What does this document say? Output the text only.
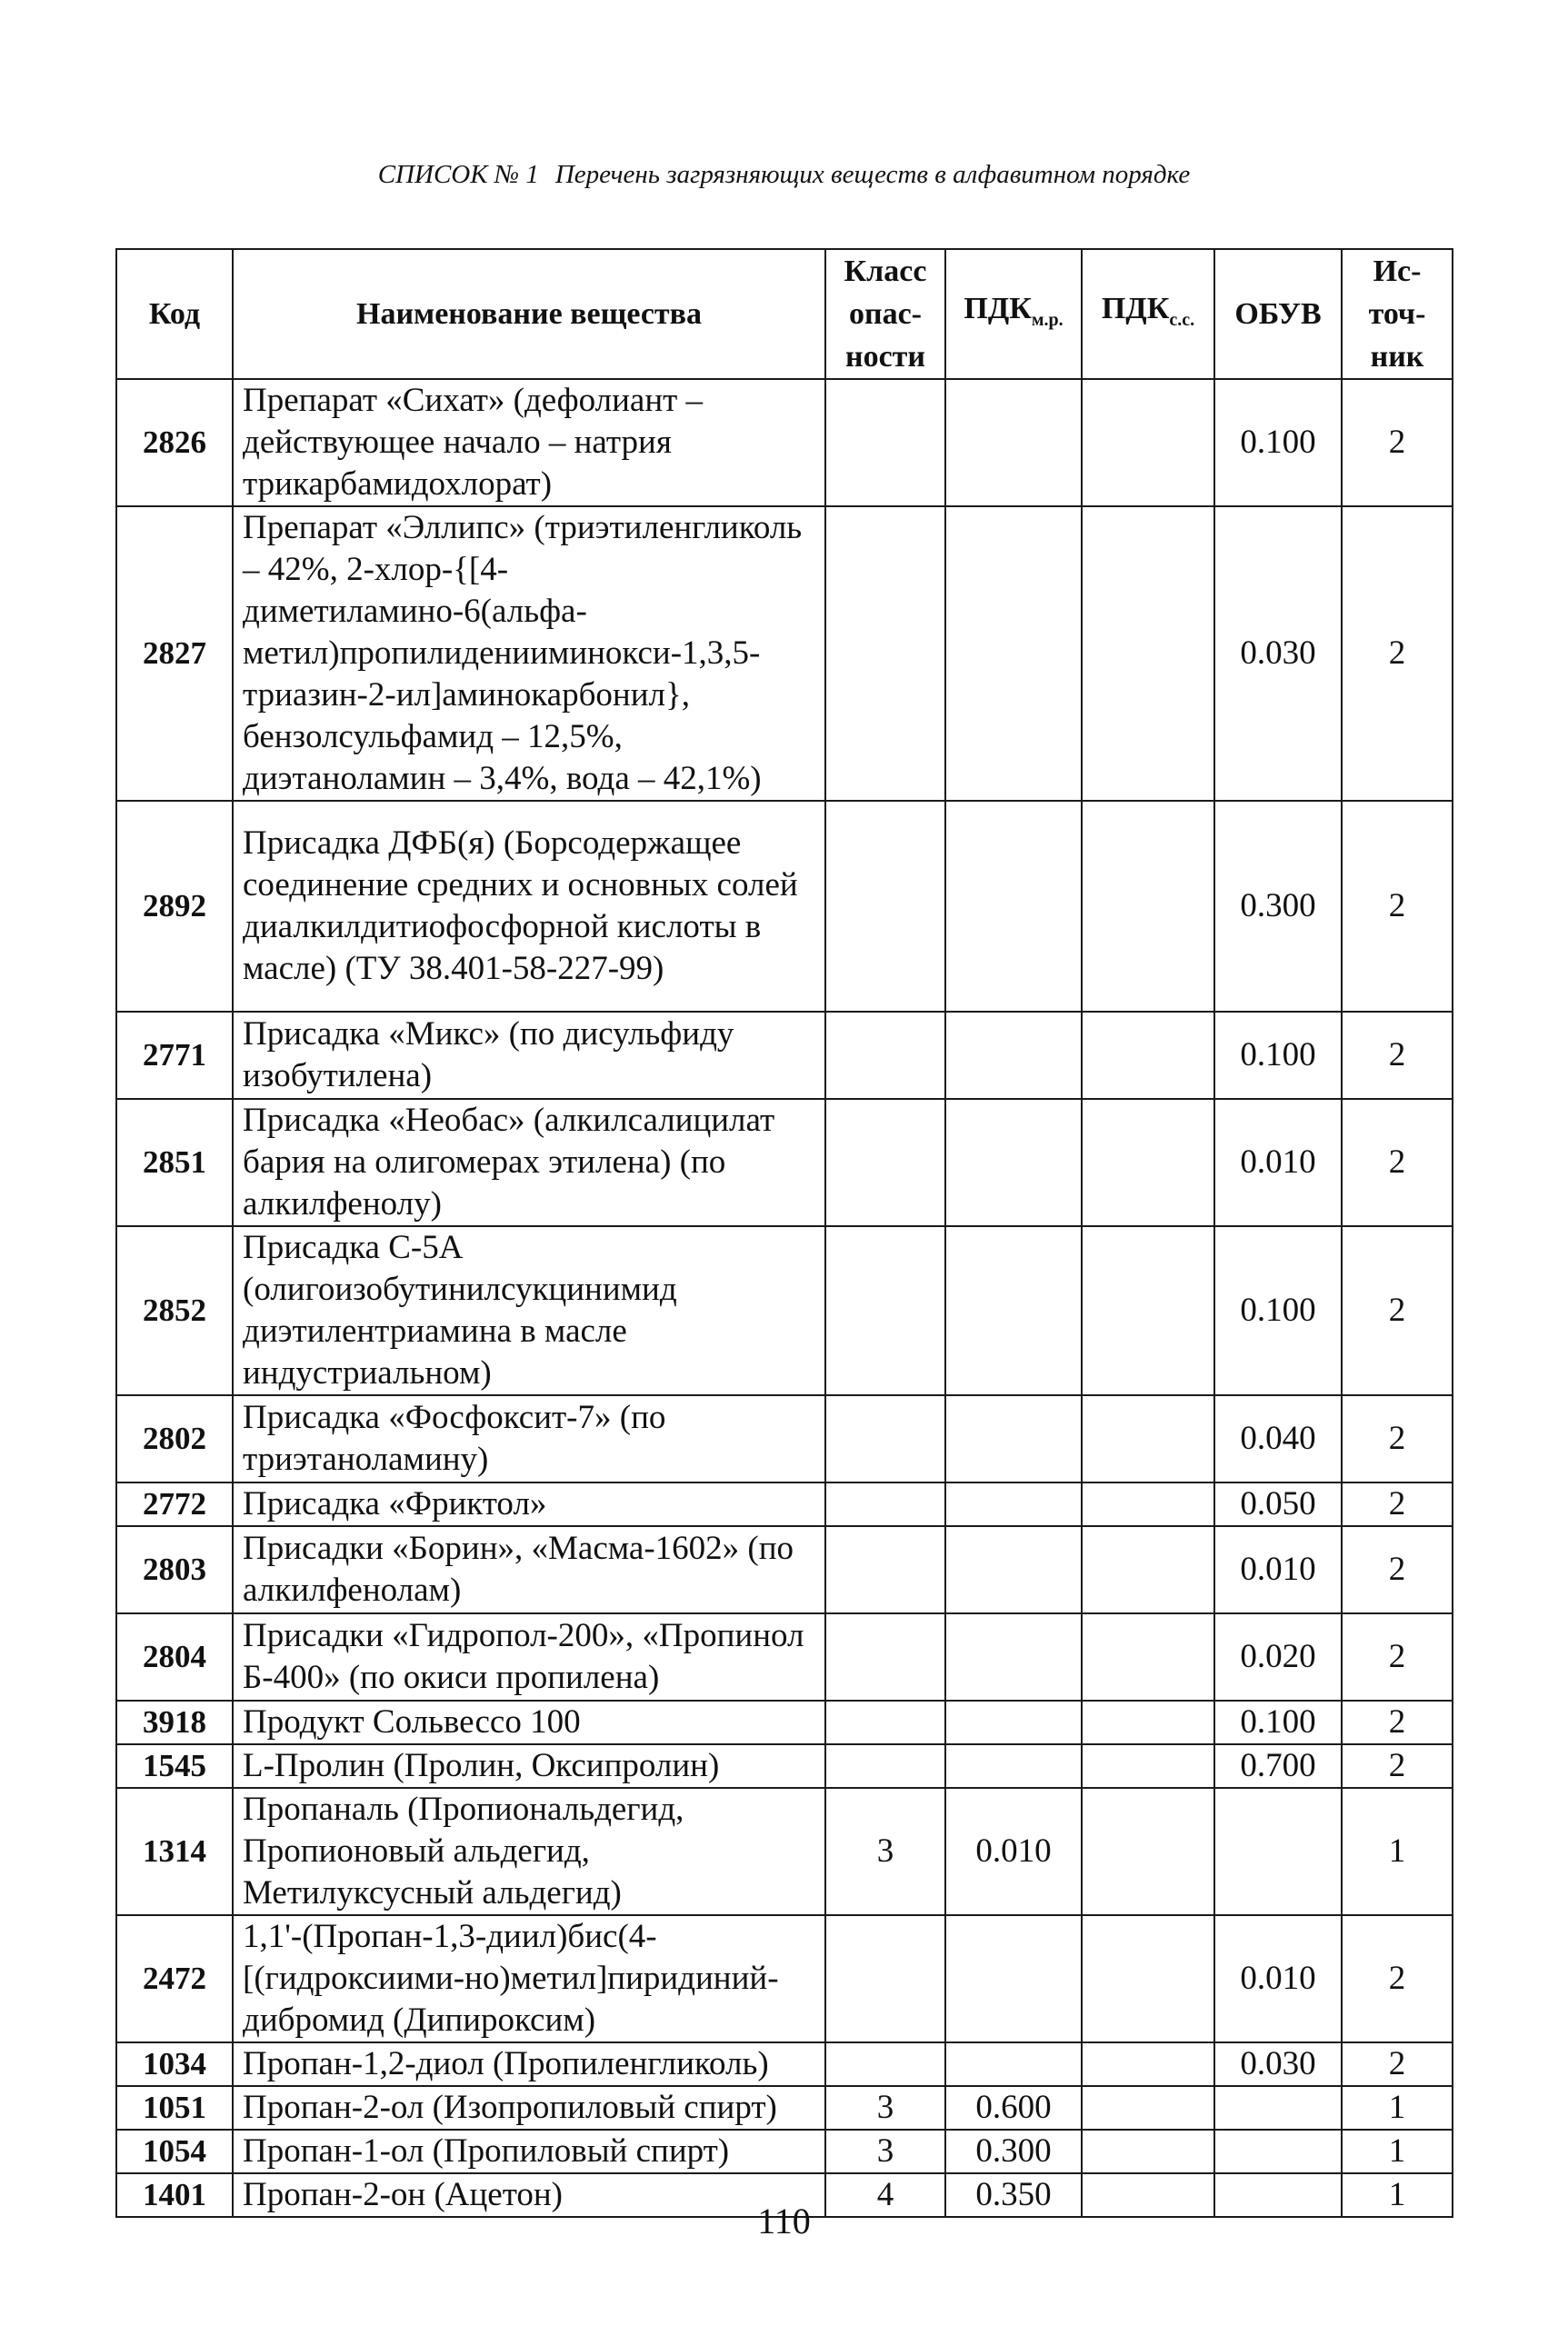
СПИСОК № 1 Перечень загрязняющих веществ в алфавитном порядке
Код	Наименование вещества	Класс опас- ности	$ПДК_{м.р.}$	$ПДК_{с.с.}$	ОБУВ	Ис- точ- ник
2826	Препарат «Сихат» (дефолиант – действующее начало – натрия трикарбамидохлорат)				0.100	2
2827	Препарат «Эллипс» (триэтиленгликоль – 42%, 2-хлор-{[4-диметиламино-6(альфа-метил)пропилиденииминокси-1,3,5-триазин-2-ил]аминокарбонил}, бензолсульфамид – 12,5%, диэтаноламин – 3,4%, вода – 42,1%)				0.030	2
2892	Присадка ДФБ(я) (Борсодержащее соединение средних и основных солей диалкилдитиофосфорной кислоты в масле) (ТУ 38.401-58-227-99)				0.300	2
2771	Присадка «Микс» (по дисульфиду изобутилена)				0.100	2
2851	Присадка «Необас» (алкилсалицилат бария на олигомерах этилена) (по алкилфенолу)				0.010	2
2852	Присадка С-5А (олигоизобутинилсукцинимид диэтилентриамина в масле индустриальном)				0.100	2
2802	Присадка «Фосфоксит-7» (по триэтаноламину)				0.040	2
2772	Присадка «Фриктол»				0.050	2
2803	Присадки «Борин», «Масма-1602» (по алкилфенолам)				0.010	2
2804	Присадки «Гидропол-200», «Пропинол Б-400» (по окиси пропилена)				0.020	2
3918	Продукт Сольвессо 100				0.100	2
1545	L-Пролин (Пролин, Оксипролин)				0.700	2
1314	Пропаналь (Пропиональдегид, Пропионовый альдегид, Метилуксусный альдегид)	3	0.010			1
2472	1,1'-(Пропан-1,3-диил)бис(4-[(гидроксиими-но)метил]пиридиний-дибромид (Дипироксим)				0.010	2
1034	Пропан-1,2-диол (Пропиленгликоль)				0.030	2
1051	Пропан-2-ол (Изопропиловый спирт)	3	0.600			1
1054	Пропан-1-ол (Пропиловый спирт)	3	0.300			1
1401	Пропан-2-он (Ацетон)	4	0.350			1
110
